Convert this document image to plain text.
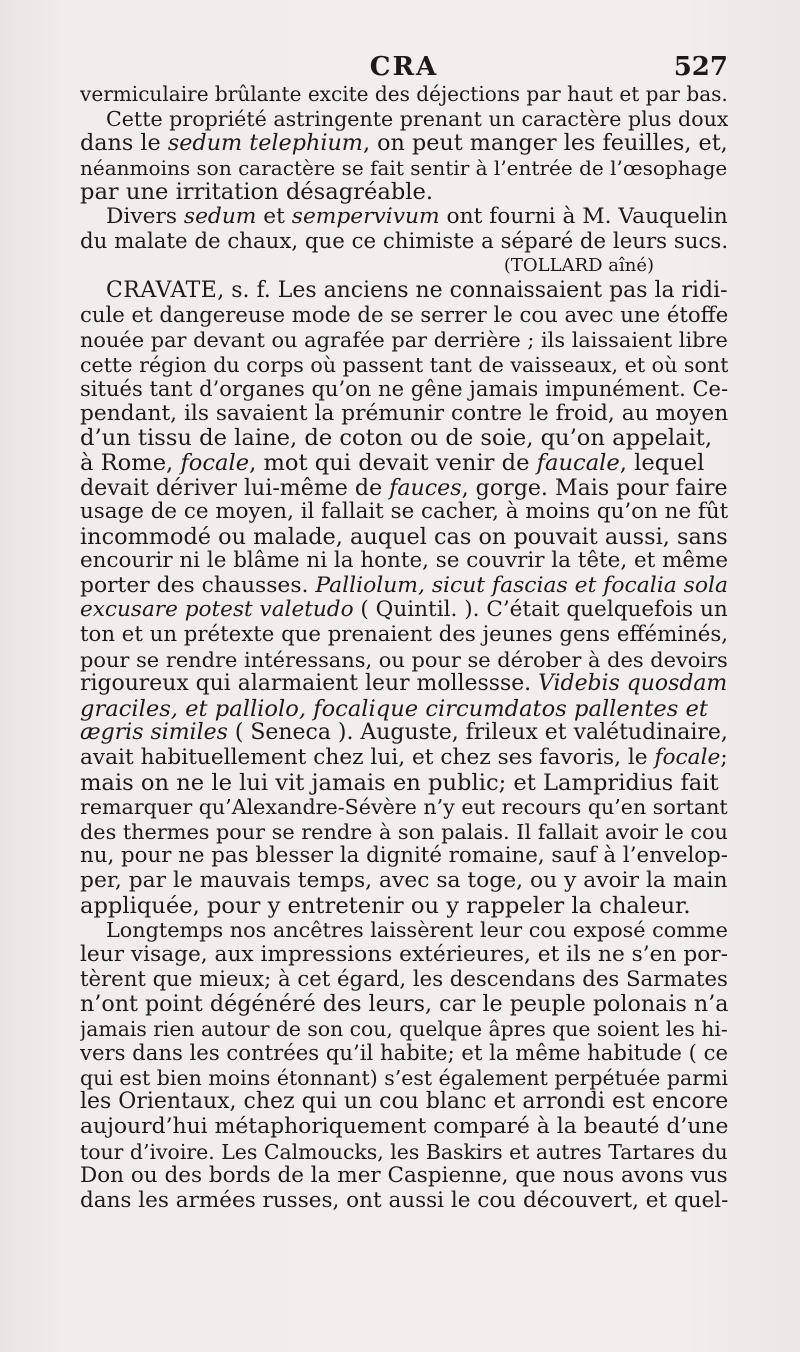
CRA	527
vermiculaire brûlante excite des déjections par haut et par bas.
Cette propriété astringente prenant un caractère plus doux
dans le sedum telephium, on peut manger les feuilles, et,
néanmoins son caractère se fait sentir à l’entrée de l’œsophage
par une irritation désagréable.
Divers sedum et sempervivum ont fourni à M. Vauquelin
du malate de chaux, que ce chimiste a séparé de leurs sucs.
(TOLLARD aîné)
CRAVATE, s. f. Les anciens ne connaissaient pas la ridi-
cule et dangereuse mode de se serrer le cou avec une étoffe
nouée par devant ou agrafée par derrière ; ils laissaient libre
cette région du corps où passent tant de vaisseaux, et où sont
situés tant d’organes qu’on ne gêne jamais impunément. Ce-
pendant, ils savaient la prémunir contre le froid, au moyen
d’un tissu de laine, de coton ou de soie, qu’on appelait,
à Rome, focale, mot qui devait venir de faucale, lequel
devait dériver lui-même de fauces, gorge. Mais pour faire
usage de ce moyen, il fallait se cacher, à moins qu’on ne fût
incommodé ou malade, auquel cas on pouvait aussi, sans
encourir ni le blâme ni la honte, se couvrir la tête, et même
porter des chausses. Palliolum, sicut fascias et focalia sola
excusare potest valetudo ( Quintil. ). C’était quelquefois un
ton et un prétexte que prenaient des jeunes gens efféminés,
pour se rendre intéressans, ou pour se dérober à des devoirs
rigoureux qui alarmaient leur mollessse. Videbis quosdam
graciles, et palliolo, focalique circumdatos pallentes et
ægris similes ( Seneca ). Auguste, frileux et valétudinaire,
avait habituellement chez lui, et chez ses favoris, le focale;
mais on ne le lui vit jamais en public; et Lampridius fait
remarquer qu’Alexandre-Sévère n’y eut recours qu’en sortant
des thermes pour se rendre à son palais. Il fallait avoir le cou
nu, pour ne pas blesser la dignité romaine, sauf à l’envelop-
per, par le mauvais temps, avec sa toge, ou y avoir la main
appliquée, pour y entretenir ou y rappeler la chaleur.
Longtemps nos ancêtres laissèrent leur cou exposé comme
leur visage, aux impressions extérieures, et ils ne s’en por-
tèrent que mieux; à cet égard, les descendans des Sarmates
n’ont point dégénéré des leurs, car le peuple polonais n’a
jamais rien autour de son cou, quelque âpres que soient les hi-
vers dans les contrées qu’il habite; et la même habitude ( ce
qui est bien moins étonnant) s’est également perpétuée parmi
les Orientaux, chez qui un cou blanc et arrondi est encore
aujourd’hui métaphoriquement comparé à la beauté d’une
tour d’ivoire. Les Calmoucks, les Baskirs et autres Tartares du
Don ou des bords de la mer Caspienne, que nous avons vus
dans les armées russes, ont aussi le cou découvert, et quel-
